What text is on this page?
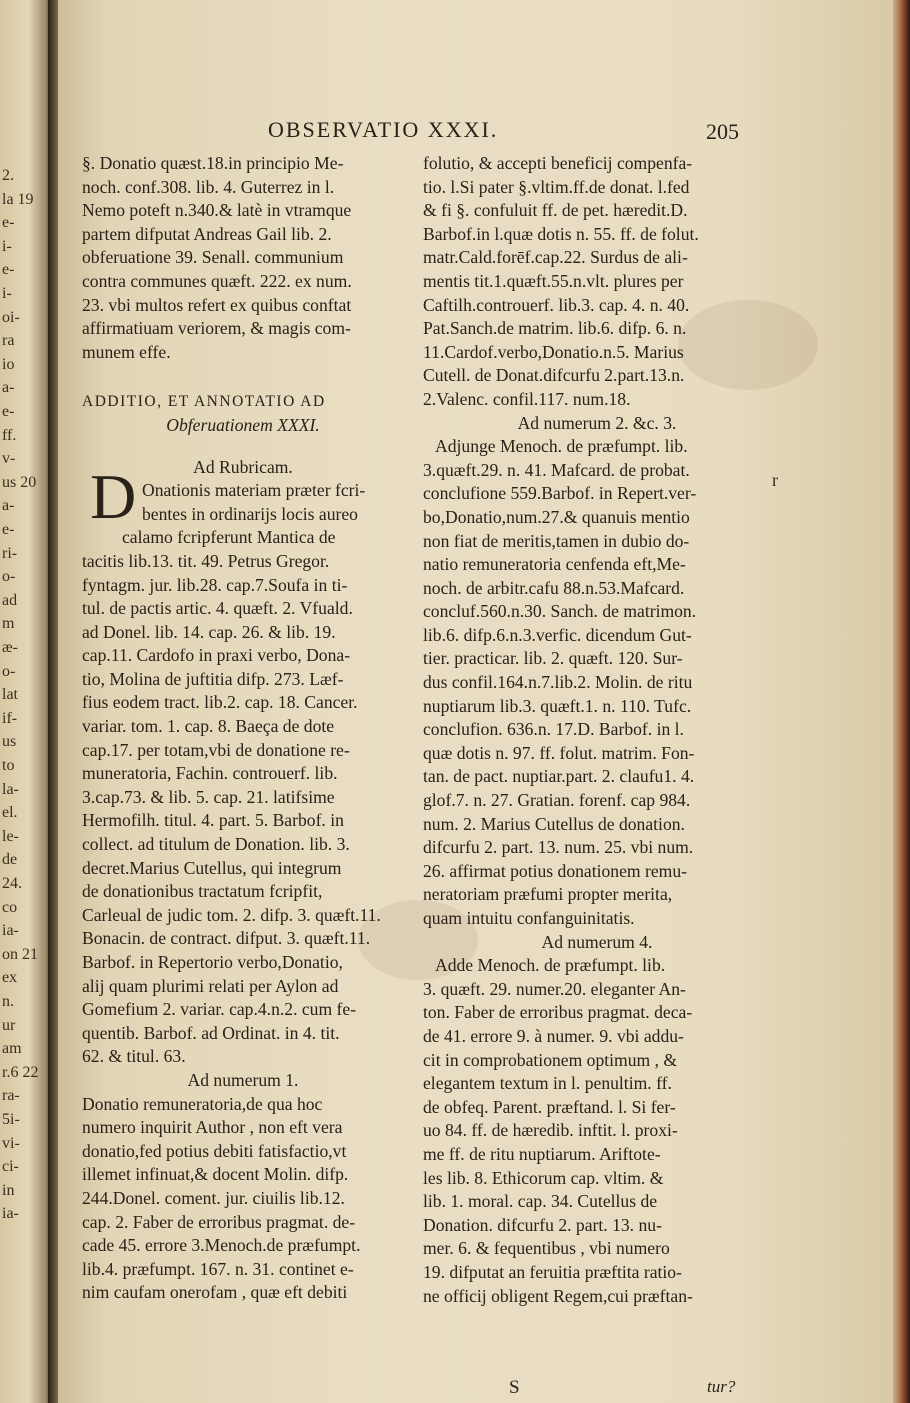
2.
la 19
e-
i-
e-
i-
oi-
ra
io
a-
e-
ff.
v-
us 20
a-
e-
ri-
o-
ad
m
æ-
o-
lat
if-
us
to
la-
el.
le-
de
24.
co
ia-
on 21
ex
n.
ur
am
r.6 22
ra-
5i-
vi-
ci-
in
ia-
OBSERVATIO XXXI.	205
§. Donatio quæst.18.in principio Me-
noch. conf.308. lib. 4. Guterrez in l.
Nemo poteft n.340.& latè in vtramque
partem difputat Andreas Gail lib. 2.
obferuatione 39. Senall. communium
contra communes quæft. 222. ex num.
23. vbi multos refert ex quibus conftat
affirmatiuam veriorem, & magis com-
munem effe.
ADDITIO, ET ANNOTATIO AD
Obferuationem XXXI.
Ad Rubricam.
Onationis materiam præter fcri-
bentes in ordinarijs locis aureo
calamo fcripferunt Mantica de
tacitis lib.13. tit. 49. Petrus Gregor.
fyntagm. jur. lib.28. cap.7.Soufa in ti-
tul. de pactis artic. 4. quæft. 2. Vfuald.
ad Donel. lib. 14. cap. 26. & lib. 19.
cap.11. Cardofo in praxi verbo, Dona-
tio, Molina de juftitia difp. 273. Læf-
fius eodem tract. lib.2. cap. 18. Cancer.
variar. tom. 1. cap. 8. Baeça de dote
cap.17. per totam,vbi de donatione re-
muneratoria, Fachin. controuerf. lib.
3.cap.73. & lib. 5. cap. 21. latifsime
Hermofilh. titul. 4. part. 5. Barbof. in
collect. ad titulum de Donation. lib. 3.
decret.Marius Cutellus, qui integrum
de donationibus tractatum fcripfit,
Carleual de judic tom. 2. difp. 3. quæft.11.
Bonacin. de contract. difput. 3. quæft.11.
Barbof. in Repertorio verbo,Donatio,
alij quam plurimi relati per Aylon ad
Gomefium 2. variar. cap.4.n.2. cum fe-
quentib. Barbof. ad Ordinat. in 4. tit.
62. & titul. 63.
Ad numerum 1.
Donatio remuneratoria,de qua hoc
numero inquirit Author , non eft vera
donatio,fed potius debiti fatisfactio,vt
illemet infinuat,& docent Molin. difp.
244.Donel. coment. jur. ciuilis lib.12.
cap. 2. Faber de erroribus pragmat. de-
cade 45. errore 3.Menoch.de præfumpt.
lib.4. præfumpt. 167. n. 31. continet e-
nim caufam onerofam , quæ eft debiti
D
folutio, & accepti beneficij compenfa-
tio. l.Si pater §.vltim.ff.de donat. l.fed
& fi §. confuluit ff. de pet. hæredit.D.
Barbof.in l.quæ dotis n. 55. ff. de folut.
matr.Cald.forēf.cap.22. Surdus de ali-
mentis tit.1.quæft.55.n.vlt. plures per
Caftilh.controuerf. lib.3. cap. 4. n. 40.
Pat.Sanch.de matrim. lib.6. difp. 6. n.
11.Cardof.verbo,Donatio.n.5. Marius
Cutell. de Donat.difcurfu 2.part.13.n.
2.Valenc. confil.117. num.18.
Ad numerum 2. &c. 3.
Adjunge Menoch. de præfumpt. lib.
3.quæft.29. n. 41. Mafcard. de probat.
conclufione 559.Barbof. in Repert.ver-
bo,Donatio,num.27.& quanuis mentio
non fiat de meritis,tamen in dubio do-
natio remuneratoria cenfenda eft,Me-
noch. de arbitr.cafu 88.n.53.Mafcard.
concluf.560.n.30. Sanch. de matrimon.
lib.6. difp.6.n.3.verfic. dicendum Gut-
tier. practicar. lib. 2. quæft. 120. Sur-
dus confil.164.n.7.lib.2. Molin. de ritu
nuptiarum lib.3. quæft.1. n. 110. Tufc.
conclufion. 636.n. 17.D. Barbof. in l.
quæ dotis n. 97. ff. folut. matrim. Fon-
tan. de pact. nuptiar.part. 2. claufu1. 4.
glof.7. n. 27. Gratian. forenf. cap 984.
num. 2. Marius Cutellus de donation.
difcurfu 2. part. 13. num. 25. vbi num.
26. affirmat potius donationem remu-
neratoriam præfumi propter merita,
quam intuitu confanguinitatis.
Ad numerum 4.
Adde Menoch. de præfumpt. lib.
3. quæft. 29. numer.20. eleganter An-
ton. Faber de erroribus pragmat. deca-
de 41. errore 9. à numer. 9. vbi addu-
cit in comprobationem optimum , &
elegantem textum in l. penultim. ff.
de obfeq. Parent. præftand. l. Si fer-
uo 84. ff. de hæredib. inftit. l. proxi-
me ff. de ritu nuptiarum. Ariftote-
les lib. 8. Ethicorum cap. vltim. &
lib. 1. moral. cap. 34. Cutellus de
Donation. difcurfu 2. part. 13. nu-
mer. 6. & fequentibus , vbi numero
19. difputat an feruitia præftita ratio-
ne officij obligent Regem,cui præftan-
r
S	tur?
